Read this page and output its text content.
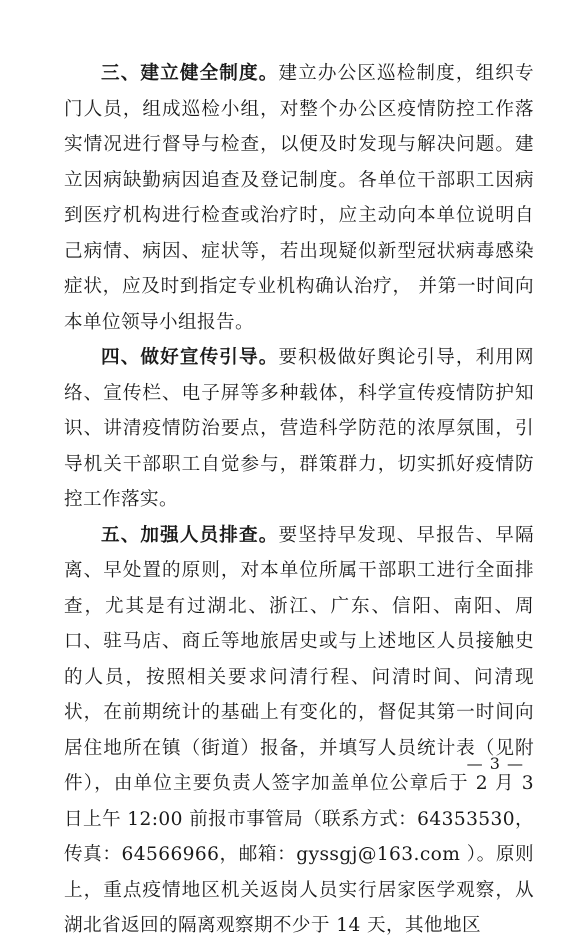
三、建立健全制度。建立办公区巡检制度，组织专门人员，组成巡检小组，对整个办公区疫情防控工作落实情况进行督导与检查，以便及时发现与解决问题。建立因病缺勤病因追查及登记制度。各单位干部职工因病到医疗机构进行检查或治疗时，应主动向本单位说明自己病情、病因、症状等，若出现疑似新型冠状病毒感染症状，应及时到指定专业机构确认治疗， 并第一时间向本单位领导小组报告。

四、做好宣传引导。要积极做好舆论引导，利用网络、宣传栏、电子屏等多种载体，科学宣传疫情防护知识、讲清疫情防治要点，营造科学防范的浓厚氛围，引导机关干部职工自觉参与，群策群力，切实抓好疫情防控工作落实。

五、加强人员排查。要坚持早发现、早报告、早隔离、早处置的原则，对本单位所属干部职工进行全面排查，尤其是有过湖北、浙江、广东、信阳、南阳、周口、驻马店、商丘等地旅居史或与上述地区人员接触史的人员，按照相关要求问清行程、问清时间、问清现状，在前期统计的基础上有变化的，督促其第一时间向居住地所在镇（街道）报备，并填写人员统计表（见附件），由单位主要负责人签字加盖单位公章后于 2 月 3 日上午 12:00 前报市事管局（联系方式：64353530，传真：64566966，邮箱：gyssgj@163.com ）。原则上，重点疫情地区机关返岗人员实行居家医学观察，从湖北省返回的隔离观察期不少于 14 天，其他地区

— 3 —
